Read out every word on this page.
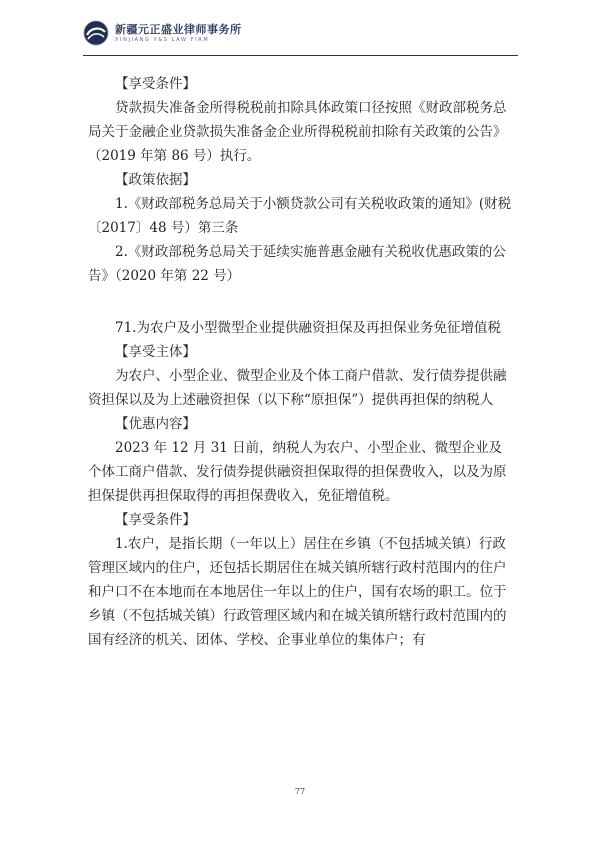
新疆元正盛业律师事务所
XINJIANG Y&S LAW FIRM

【享受条件】

贷款损失准备金所得税税前扣除具体政策口径按照《财政部税务总局关于金融企业贷款损失准备金企业所得税税前扣除有关政策的公告》（2019 年第 86 号）执行。

【政策依据】

1.《财政部税务总局关于小额贷款公司有关税收政策的通知》(财税〔2017〕48 号）第三条

2.《财政部税务总局关于延续实施普惠金融有关税收优惠政策的公告》（2020 年第 22 号）

71.为农户及小型微型企业提供融资担保及再担保业务免征增值税

【享受主体】

为农户、小型企业、微型企业及个体工商户借款、发行债券提供融资担保以及为上述融资担保（以下称“原担保”）提供再担保的纳税人

【优惠内容】

2023 年 12 月 31 日前，纳税人为农户、小型企业、微型企业及个体工商户借款、发行债券提供融资担保取得的担保费收入，以及为原担保提供再担保取得的再担保费收入，免征增值税。

【享受条件】

1.农户，是指长期（一年以上）居住在乡镇（不包括城关镇）行政管理区域内的住户，还包括长期居住在城关镇所辖行政村范围内的住户和户口不在本地而在本地居住一年以上的住户，国有农场的职工。位于乡镇（不包括城关镇）行政管理区域内和在城关镇所辖行政村范围内的国有经济的机关、团体、学校、企事业单位的集体户；有

77
